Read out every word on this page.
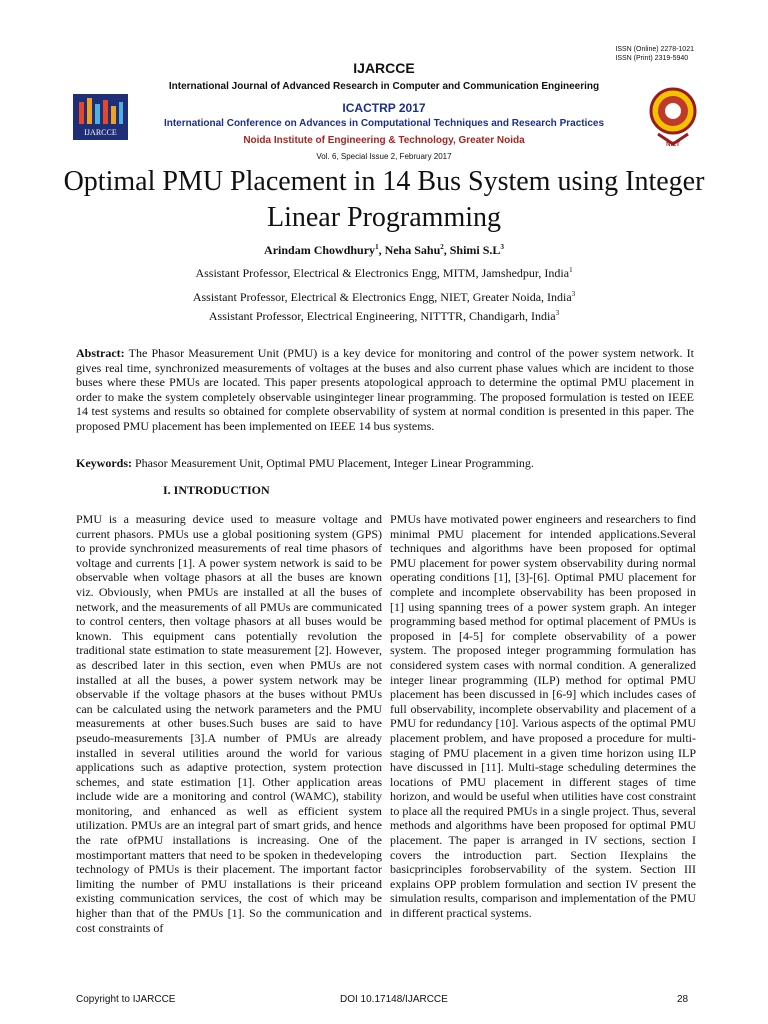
ISSN (Online) 2278-1021
ISSN (Print) 2319-5940
IJARCCE
NIET
IJARCCE
International Journal of Advanced Research in Computer and Communication Engineering
ICACTRP 2017
International Conference on Advances in Computational Techniques and Research Practices
Noida Institute of Engineering & Technology, Greater Noida
Vol. 6, Special Issue 2, February 2017
Optimal PMU Placement in 14 Bus System using Integer Linear Programming
Arindam Chowdhury$^1$, Neha Sahu$^2$, Shimi $S.L^3$
Assistant Professor, Electrical & Electronics Engg, MITM, Jamshedpur, India$^1$
Assistant Professor, Electrical & Electronics Engg, NIET, Greater Noida, India$^3$
Assistant Professor, Electrical Engineering, NITTTR, Chandigarh, India$^3$
Abstract: The Phasor Measurement Unit (PMU) is a key device for monitoring and control of the power system network. It gives real time, synchronized measurements of voltages at the buses and also current phase values which are incident to those buses where these PMUs are located. This paper presents atopological approach to determine the optimal PMU placement in order to make the system completely observable usinginteger linear programming. The proposed formulation is tested on IEEE 14 test systems and results so obtained for complete observability of system at normal condition is presented in this paper. The proposed PMU placement has been implemented on IEEE 14 bus systems.
Keywords: Phasor Measurement Unit, Optimal PMU Placement, Integer Linear Programming.
I. INTRODUCTION
PMU is a measuring device used to measure voltage and current phasors. PMUs use a global positioning system (GPS) to provide synchronized measurements of real time phasors of voltage and currents [1]. A power system network is said to be observable when voltage phasors at all the buses are known viz. Obviously, when PMUs are installed at all the buses of network, and the measurements of all PMUs are communicated to control centers, then voltage phasors at all buses would be known. This equipment cans potentially revolution the traditional state estimation to state measurement [2]. However, as described later in this section, even when PMUs are not installed at all the buses, a power system network may be observable if the voltage phasors at the buses without PMUs can be calculated using the network parameters and the PMU measurements at other buses.Such buses are said to have pseudo-measurements [3].A number of PMUs are already installed in several utilities around the world for various applications such as adaptive protection, system protection schemes, and state estimation [1]. Other application areas include wide are a monitoring and control (WAMC), stability monitoring, and enhanced as well as efficient system utilization. PMUs are an integral part of smart grids, and hence the rate ofPMU installations is increasing. One of the mostimportant matters that need to be spoken in thedeveloping technology of PMUs is their placement. The important factor limiting the number of PMU installations is their priceand existing communication services, the cost of which may be higher than that of the PMUs [1]. So the communication and cost constraints of
PMUs have motivated power engineers and researchers to find minimal PMU placement for intended applications.Several techniques and algorithms have been proposed for optimal PMU placement for power system observability during normal operating conditions [1], [3]-[6]. Optimal PMU placement for complete and incomplete observability has been proposed in [1] using spanning trees of a power system graph. An integer programming based method for optimal placement of PMUs is proposed in [4-5] for complete observability of a power system. The proposed integer programming formulation has considered system cases with normal condition. A generalized integer linear programming (ILP) method for optimal PMU placement has been discussed in [6-9] which includes cases of full observability, incomplete observability and placement of a PMU for redundancy [10]. Various aspects of the optimal PMU placement problem, and have proposed a procedure for multi-staging of PMU placement in a given time horizon using ILP have discussed in [11]. Multi-stage scheduling determines the locations of PMU placement in different stages of time horizon, and would be useful when utilities have cost constraint to place all the required PMUs in a single project. Thus, several methods and algorithms have been proposed for optimal PMU placement. The paper is arranged in IV sections, section I covers the introduction part. Section IIexplains the basicprinciples forobservability of the system. Section III explains OPP problem formulation and section IV present the simulation results, comparison and implementation of the PMU in different practical systems.
Copyright to IJARCCE	DOI 10.17148/IJARCCE	28
